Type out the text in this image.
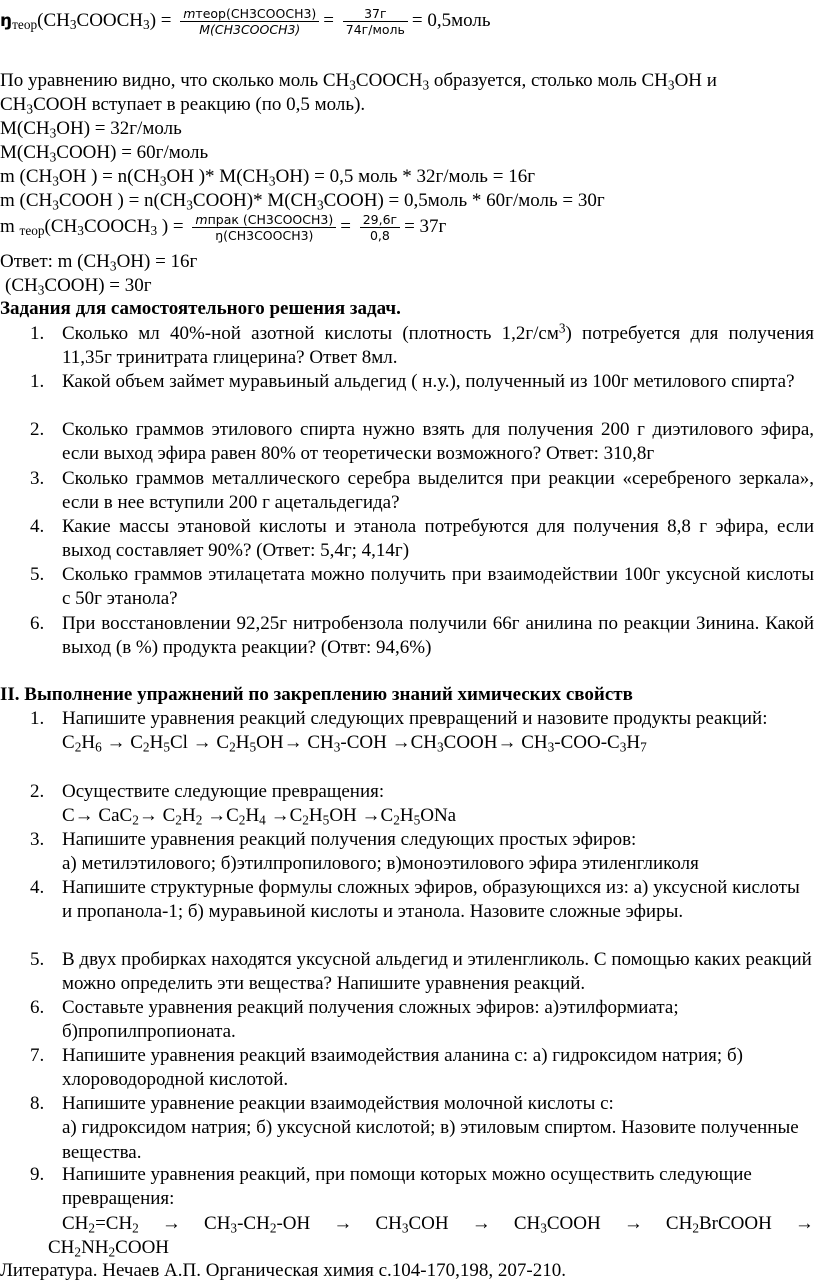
$ŋ_{теор}(CH_3COOCH_3) = \frac{\text{mтеор(CH3COOCH3)}}{\text{M(CH3COOCH3)}} = \frac{37г}{\text{74г/моль}}$ = 0,5моль
По уравнению видно, что сколько моль $CH_3COOCH_3$ образуется, столько моль $CH_3OH$ и
$CH_3COOH$ вступает в реакцию (по 0,5 моль).
$M(CH_3OH)$ = 32г/моль
$M(CH_3COOH)$ = 60г/моль
m ($CH_3OH$ ) = $n(CH_3OH$ )* $M(CH_3OH) = 0,5$ моль * 32г/моль = 16г
m ($CH_3COOH$ ) = $n(CH_3COOH)*$ $M(CH_3COOH)$ = 0,5моль * 60г/моль = 30г
m $_{теор}(CH_3COOCH_3$ ) = $\frac{\text{mпрак (CH3COOCH3)}}{\text{ŋ(CH3COOCH3)}} = \frac{29,6г}{0,8} = 37г$
Ответ: m $(CH_3OH) = 16г$
$(CH_3COOH) = 30г$
Задания для самостоятельного решения задач.
1. Сколько мл 40%-ной азотной кислоты (плотность $1,2г/см^3$) потребуется для получения 11,35г тринитрата глицерина? Ответ 8мл.
1. Какой объем займет муравьиный альдегид ( н.у.), полученный из 100г метилового спирта?
2. Сколько граммов этилового спирта нужно взять для получения 200 г диэтилового эфира, если выход эфира равен 80% от теоретически возможного? Ответ: 310,8г
3. Сколько граммов металлического серебра выделится при реакции «серебреного зеркала», если в нее вступили 200 г ацетальдегида?
4. Какие массы этановой кислоты и этанола потребуются для получения 8,8 г эфира, если выход составляет 90%? (Ответ: 5,4г; 4,14г)
5. Сколько граммов этилацетата можно получить при взаимодействии 100г уксусной кислоты с 50г этанола?
6. При восстановлении 92,25г нитробензола получили 66г анилина по реакции Зинина. Какой выход (в %) продукта реакции? (Отвт: 94,6%)
II. Выполнение упражнений по закреплению знаний химических свойств
1. Напишите уравнения реакций следующих превращений и назовите продукты реакций:
$C_2H_6 \to C_2H_5Cl \to C_2H_5OH\to CH_3-COH$ $\to CH_3COOH\to CH_3-COO-C_3H_7$
2. Осуществите следующие превращения:
$C\to CaC_2\to C_2H_2 \to C_2H_4 \to C_2H_5OH \to C_2H_5ONa$
3. Напишите уравнения реакций получения следующих простых эфиров:
а) метилэтилового; б)этилпропилового; в)моноэтилового эфира этиленгликоля
4. Напишите структурные формулы сложных эфиров, образующихся из: а) уксусной кислоты и пропанола-1; б) муравьиной кислоты и этанола. Назовите сложные эфиры.
5. В двух пробирках находятся уксусной альдегид и этиленгликоль. С помощью каких реакций можно определить эти вещества? Напишите уравнения реакций.
6. Составьте уравнения реакций получения сложных эфиров: а)этилформиата; б)пропилпропионата.
7. Напишите уравнения реакций взаимодействия аланина с: а) гидроксидом натрия; б) хлороводородной кислотой.
8. Напишите уравнение реакции взаимодействия молочной кислоты с:
а) гидроксидом натрия; б) уксусной кислотой; в) этиловым спиртом. Назовите полученные вещества.
9. Напишите уравнения реакций, при помощи которых можно осуществить следующие превращения:
$CH_2=CH_2 \to CH_3-CH_2-OH \to CH_3COH$ → $CH_3COOH$ → $CH_2BrCOOH$ →
$CH_2NH_2COOH$
Литература. Нечаев А.П. Органическая химия с.104-170,198, 207-210.
